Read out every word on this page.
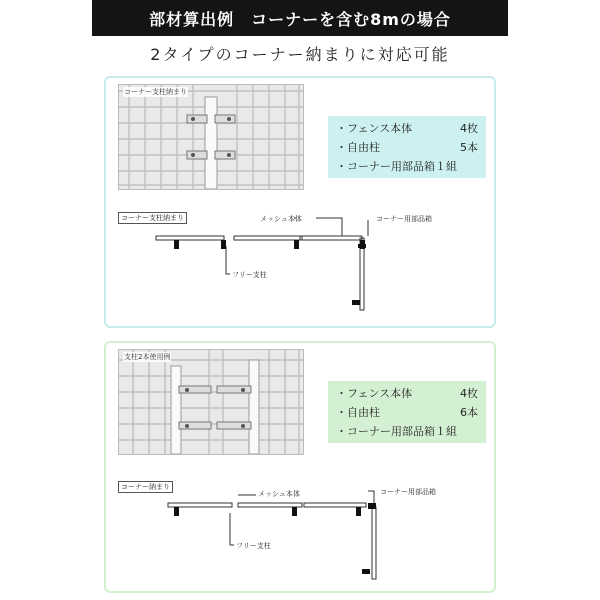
部材算出例　コーナーを含む8mの場合
2タイプのコーナー納まりに対応可能
コーナー支柱納まり
・フェンス本体	4枚
・自由柱	5本
・コーナー用部品箱１組
コーナー支柱納まり	メッシュ本体	コーナー用部品箱
フリー支柱
支柱2本使用例
・フェンス本体	4枚
・自由柱	6本
・コーナー用部品箱１組
コーナー納まり
メッシュ本体	コーナー用部品箱
フリー支柱
